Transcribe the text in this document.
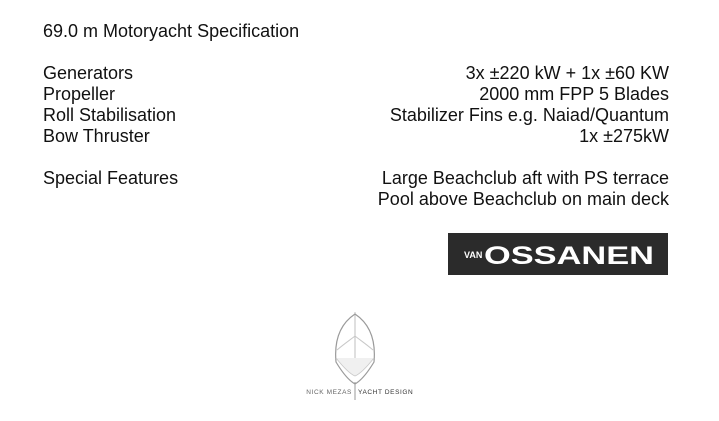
69.0 m Motoryacht Specification
Generators	3x ±220 kW + 1x ±60 KW
Propeller	2000 mm FPP 5 Blades
Roll Stabilisation	Stabilizer Fins e.g. Naiad/Quantum
Bow Thruster	1x ±275kW
Special Features	Large Beachclub aft with PS terrace
Pool above Beachclub on main deck
VAN OSSANEN
NICK MEZAS YACHT DESIGN
